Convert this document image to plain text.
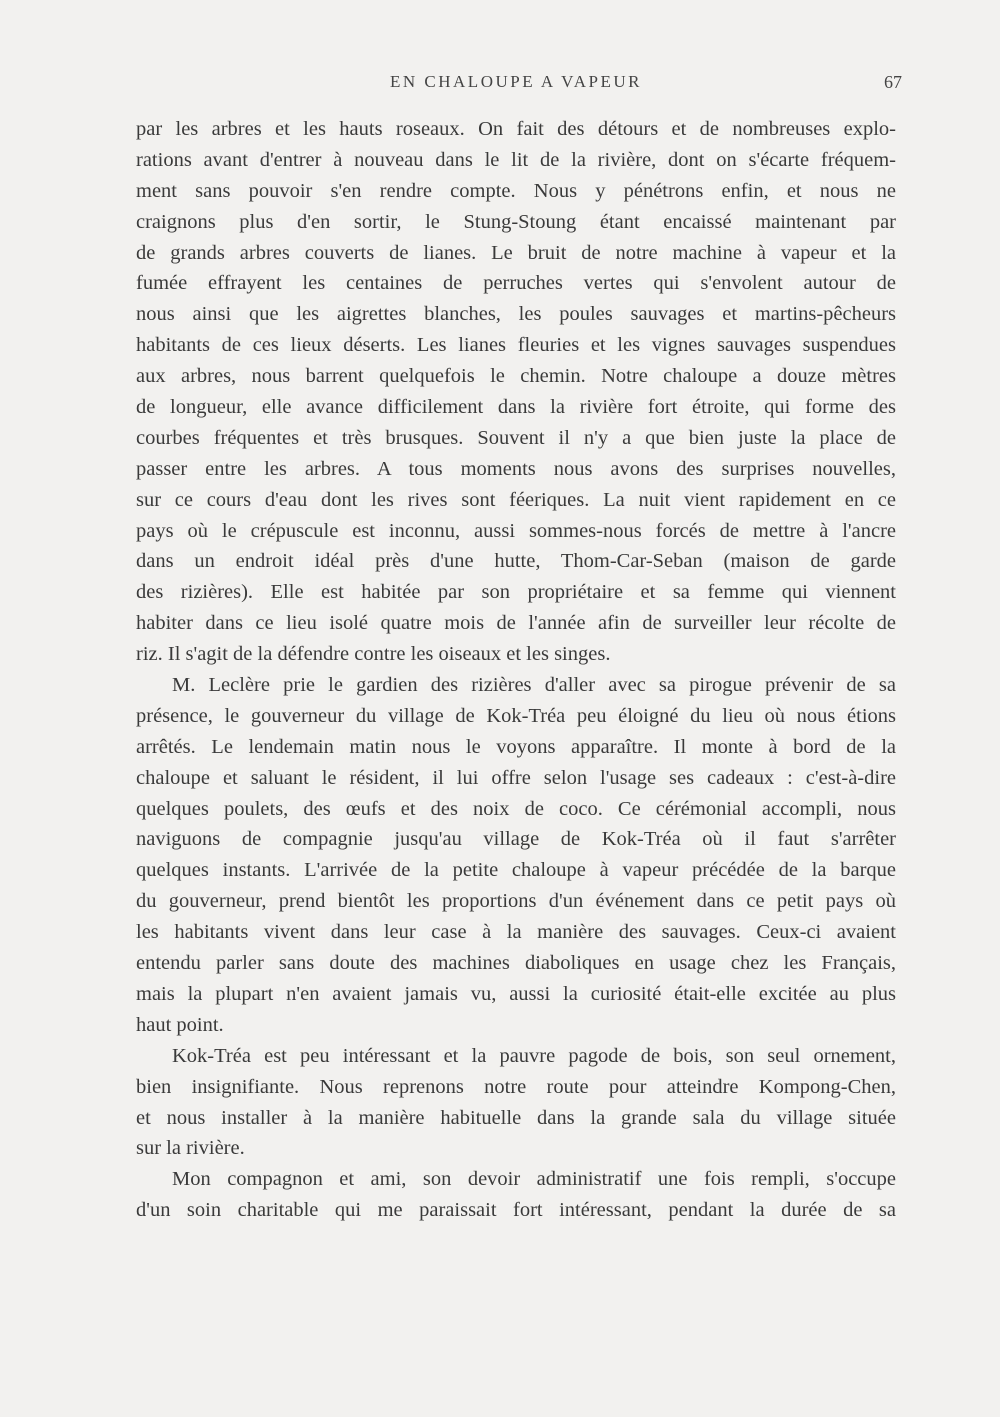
EN CHALOUPE A VAPEUR	67
par les arbres et les hauts roseaux. On fait des détours et de nombreuses explo-
rations avant d'entrer à nouveau dans le lit de la rivière, dont on s'écarte fréquem-
ment sans pouvoir s'en rendre compte. Nous y pénétrons enfin, et nous ne
craignons plus d'en sortir, le Stung-Stoung étant encaissé maintenant par
de grands arbres couverts de lianes. Le bruit de notre machine à vapeur et la
fumée effrayent les centaines de perruches vertes qui s'envolent autour de
nous ainsi que les aigrettes blanches, les poules sauvages et martins-pêcheurs
habitants de ces lieux déserts. Les lianes fleuries et les vignes sauvages suspendues
aux arbres, nous barrent quelquefois le chemin. Notre chaloupe a douze mètres
de longueur, elle avance difficilement dans la rivière fort étroite, qui forme des
courbes fréquentes et très brusques. Souvent il n'y a que bien juste la place de
passer entre les arbres. A tous moments nous avons des surprises nouvelles,
sur ce cours d'eau dont les rives sont féeriques. La nuit vient rapidement en ce
pays où le crépuscule est inconnu, aussi sommes-nous forcés de mettre à l'ancre
dans un endroit idéal près d'une hutte, Thom-Car-Seban (maison de garde
des rizières). Elle est habitée par son propriétaire et sa femme qui viennent
habiter dans ce lieu isolé quatre mois de l'année afin de surveiller leur récolte de
riz. Il s'agit de la défendre contre les oiseaux et les singes.
M. Leclère prie le gardien des rizières d'aller avec sa pirogue prévenir de sa
présence, le gouverneur du village de Kok-Tréa peu éloigné du lieu où nous étions
arrêtés. Le lendemain matin nous le voyons apparaître. Il monte à bord de la
chaloupe et saluant le résident, il lui offre selon l'usage ses cadeaux : c'est-à-dire
quelques poulets, des œufs et des noix de coco. Ce cérémonial accompli, nous
naviguons de compagnie jusqu'au village de Kok-Tréa où il faut s'arrêter
quelques instants. L'arrivée de la petite chaloupe à vapeur précédée de la barque
du gouverneur, prend bientôt les proportions d'un événement dans ce petit pays où
les habitants vivent dans leur case à la manière des sauvages. Ceux-ci avaient
entendu parler sans doute des machines diaboliques en usage chez les Français,
mais la plupart n'en avaient jamais vu, aussi la curiosité était-elle excitée au plus
haut point.
Kok-Tréa est peu intéressant et la pauvre pagode de bois, son seul ornement,
bien insignifiante. Nous reprenons notre route pour atteindre Kompong-Chen,
et nous installer à la manière habituelle dans la grande sala du village située
sur la rivière.
Mon compagnon et ami, son devoir administratif une fois rempli, s'occupe
d'un soin charitable qui me paraissait fort intéressant, pendant la durée de sa
